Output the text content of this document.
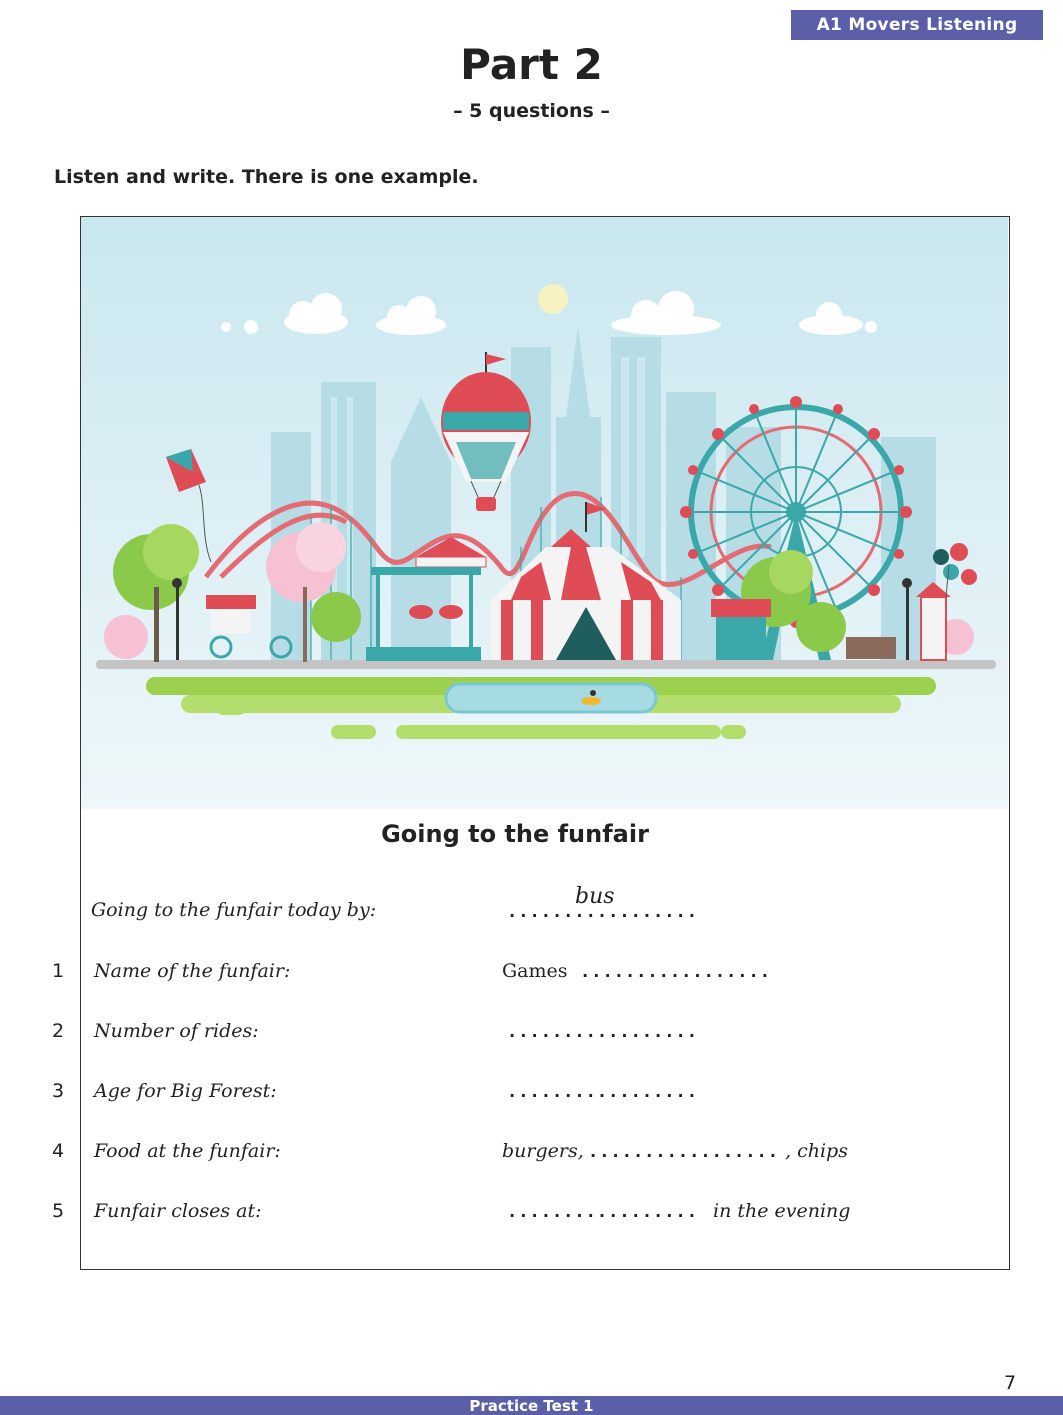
A1 Movers Listening
Part 2
– 5 questions –
Listen and write. There is one example.
Going to the funfair
Going to the funfair today by:
bus
.................
1 Name of the funfair:	Games .................
2 Number of rides:	.................
3 Age for Big Forest:	.................
4 Food at the funfair:	burgers, ................. , chips
5 Funfair closes at:	................. in the evening
7
Practice Test 1
